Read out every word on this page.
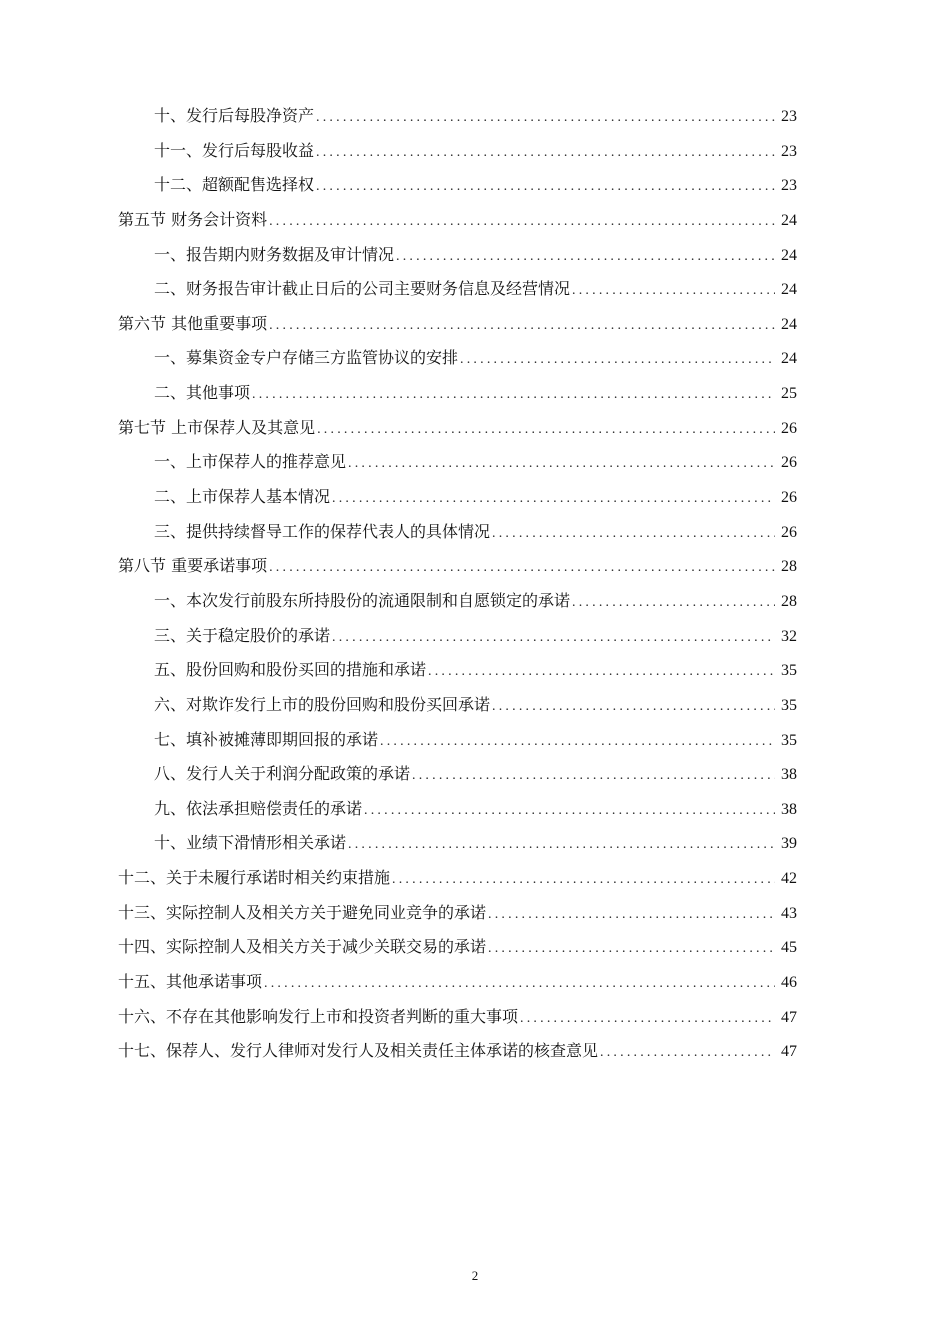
十、发行后每股净资产 .....	23
十一、发行后每股收益 .....	23
十二、超额配售选择权 .....	23
第五节 财务会计资料 .....	24
一、报告期内财务数据及审计情况 .....	24
二、财务报告审计截止日后的公司主要财务信息及经营情况 .....	24
第六节 其他重要事项 .....	24
一、募集资金专户存储三方监管协议的安排 .....	24
二、其他事项 .....	25
第七节 上市保荐人及其意见 .....	26
一、上市保荐人的推荐意见 .....	26
二、上市保荐人基本情况 .....	26
三、提供持续督导工作的保荐代表人的具体情况 .....	26
第八节 重要承诺事项 .....	28
一、本次发行前股东所持股份的流通限制和自愿锁定的承诺 .....	28
三、关于稳定股价的承诺 .....	32
五、股份回购和股份买回的措施和承诺 .....	35
六、对欺诈发行上市的股份回购和股份买回承诺 .....	35
七、填补被摊薄即期回报的承诺 .....	35
八、发行人关于利润分配政策的承诺 .....	38
九、依法承担赔偿责任的承诺 .....	38
十、业绩下滑情形相关承诺 .....	39
十二、关于未履行承诺时相关约束措施 .....	42
十三、实际控制人及相关方关于避免同业竞争的承诺 .....	43
十四、实际控制人及相关方关于减少关联交易的承诺 .....	45
十五、其他承诺事项 .....	46
十六、不存在其他影响发行上市和投资者判断的重大事项 .....	47
十七、保荐人、发行人律师对发行人及相关责任主体承诺的核查意见 .....	47
2
